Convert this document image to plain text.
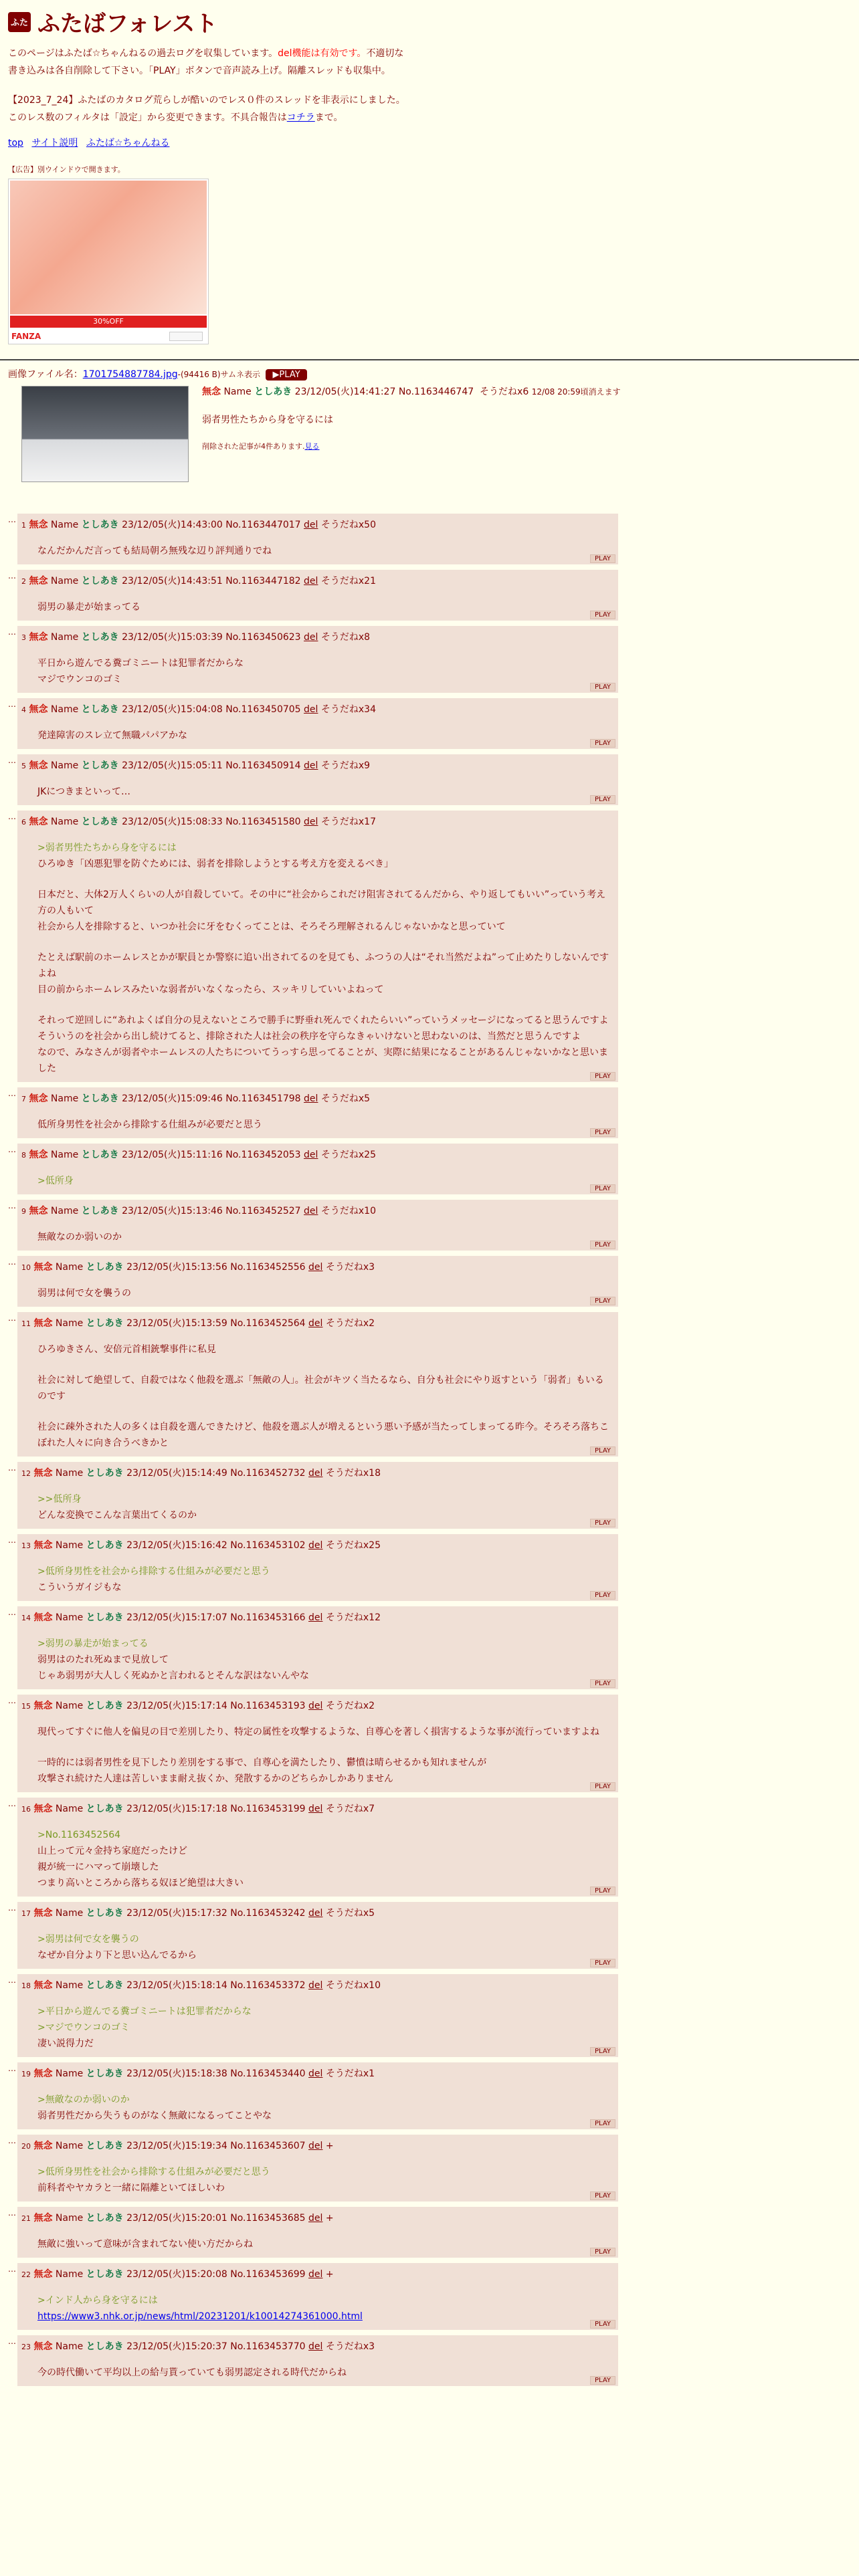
ふた ふたばフォレスト
このページはふたば☆ちゃんねるの過去ログを収集しています。del機能は有効です。不適切な書き込みは各自削除して下さい。「PLAY」ボタンで音声読み上げ。隔離スレッドも収集中。
【2023_7_24】ふたばのカタログ荒らしが酷いのでレス０件のスレッドを非表示にしました。このレス数のフィルタは「設定」から変更できます。不具合報告はコチラまで。
top サイト説明 ふたば☆ちゃんねる
【広告】別ウインドウで開きます。
30%OFF
FANZA
画像ファイル名：1701754887784.jpg-(94416 B)サムネ表示 ▶PLAY
無念 Name としあき 23/12/05(火)14:41:27 No.1163446747 そうだねx6 12/08 20:59頃消えます
弱者男性たちから身を守るには
削除された記事が4件あります.見る
…
1 無念 Name としあき 23/12/05(火)14:43:00 No.1163447017 del そうだねx50

なんだかんだ言っても結局朝ろ無残な辺り評判通りでね

PLAY
…
2 無念 Name としあき 23/12/05(火)14:43:51 No.1163447182 del そうだねx21

弱男の暴走が始まってる

PLAY
…
3 無念 Name としあき 23/12/05(火)15:03:39 No.1163450623 del そうだねx8

平日から遊んでる糞ゴミニートは犯罪者だからな

マジでウンコのゴミ

PLAY
…
4 無念 Name としあき 23/12/05(火)15:04:08 No.1163450705 del そうだねx34

発達障害のスレ立て無職パパアかな

PLAY
…
5 無念 Name としあき 23/12/05(火)15:05:11 No.1163450914 del そうだねx9

JKにつきまといって…

PLAY
…
6 無念 Name としあき 23/12/05(火)15:08:33 No.1163451580 del そうだねx17

>弱者男性たちから身を守るには

ひろゆき「凶悪犯罪を防ぐためには、弱者を排除しようとする考え方を変えるべき」

日本だと、大体2万人くらいの人が自殺していて。その中に“社会からこれだけ阻害されてるんだから、やり返してもいい”っていう考え方の人もいて

社会から人を排除すると、いつか社会に牙をむくってことは、そろそろ理解されるんじゃないかなと思っていて

たとえば駅前のホームレスとかが駅員とか警察に追い出されてるのを見ても、ふつうの人は“それ当然だよね”って止めたりしないんですよね

目の前からホームレスみたいな弱者がいなくなったら、スッキリしていいよねって

それって逆回しに“あれよくば自分の見えないところで勝手に野垂れ死んでくれたらいい”っていうメッセージになってると思うんですよ

そういうのを社会から出し続けてると、排除された人は社会の秩序を守らなきゃいけないと思わないのは、当然だと思うんですよ

なので、みなさんが弱者やホームレスの人たちについてうっすら思ってることが、実際に結果になることがあるんじゃないかなと思いました

PLAY
…
7 無念 Name としあき 23/12/05(火)15:09:46 No.1163451798 del そうだねx5

低所身男性を社会から排除する仕組みが必要だと思う

PLAY
…
8 無念 Name としあき 23/12/05(火)15:11:16 No.1163452053 del そうだねx25

>低所身

PLAY
…
9 無念 Name としあき 23/12/05(火)15:13:46 No.1163452527 del そうだねx10

無敵なのか弱いのか

PLAY
…
10 無念 Name としあき 23/12/05(火)15:13:56 No.1163452556 del そうだねx3

弱男は何で女を襲うの

PLAY
…
11 無念 Name としあき 23/12/05(火)15:13:59 No.1163452564 del そうだねx2

ひろゆきさん、安倍元首相銃撃事件に私見

社会に対して絶望して、自殺ではなく他殺を選ぶ「無敵の人」。社会がキツく当たるなら、自分も社会にやり返すという「弱者」もいるのです

社会に疎外された人の多くは自殺を選んできたけど、他殺を選ぶ人が増えるという悪い予感が当たってしまってる昨今。そろそろ落ちこぼれた人々に向き合うべきかと

PLAY
…
12 無念 Name としあき 23/12/05(火)15:14:49 No.1163452732 del そうだねx18

>>低所身

どんな変換でこんな言葉出てくるのか

PLAY
…
13 無念 Name としあき 23/12/05(火)15:16:42 No.1163453102 del そうだねx25

>低所身男性を社会から排除する仕組みが必要だと思う

こういうガイジもな

PLAY
…
14 無念 Name としあき 23/12/05(火)15:17:07 No.1163453166 del そうだねx12

>弱男の暴走が始まってる

弱男はのたれ死ぬまで見放して

じゃあ弱男が大人しく死ぬかと言われるとそんな訳はないんやな

PLAY
…
15 無念 Name としあき 23/12/05(火)15:17:14 No.1163453193 del そうだねx2

現代ってすぐに他人を偏見の目で差別したり、特定の属性を攻撃するような、自尊心を著しく損害するような事が流行っていますよね

一時的には弱者男性を見下したり差別をする事で、自尊心を満たしたり、鬱憤は晴らせるかも知れませんが

攻撃され続けた人達は苦しいまま耐え抜くか、発散するかのどちらかしかありません

PLAY
…
16 無念 Name としあき 23/12/05(火)15:17:18 No.1163453199 del そうだねx7

>No.1163452564

山上って元々金持ち家庭だったけど

親が統一にハマって崩壊した

つまり高いところから落ちる奴ほど絶望は大きい

PLAY
…
17 無念 Name としあき 23/12/05(火)15:17:32 No.1163453242 del そうだねx5

>弱男は何で女を襲うの

なぜか自分より下と思い込んでるから

PLAY
…
18 無念 Name としあき 23/12/05(火)15:18:14 No.1163453372 del そうだねx10

>平日から遊んでる糞ゴミニートは犯罪者だからな

>マジでウンコのゴミ

凄い説得力だ

PLAY
…
19 無念 Name としあき 23/12/05(火)15:18:38 No.1163453440 del そうだねx1

>無敵なのか弱いのか

弱者男性だから失うものがなく無敵になるってことやな

PLAY
…
20 無念 Name としあき 23/12/05(火)15:19:34 No.1163453607 del +

>低所身男性を社会から排除する仕組みが必要だと思う

前科者やヤカラと一緒に隔離といてほしいわ

PLAY
…
21 無念 Name としあき 23/12/05(火)15:20:01 No.1163453685 del +

無敵に強いって意味が含まれてない使い方だからね

PLAY
…
22 無念 Name としあき 23/12/05(火)15:20:08 No.1163453699 del +

>インド人から身を守るには

https://www3.nhk.or.jp/news/html/20231201/k10014274361000.html

PLAY
…
23 無念 Name としあき 23/12/05(火)15:20:37 No.1163453770 del そうだねx3

今の時代働いて平均以上の給与貰っていても弱男認定される時代だからね

PLAY
